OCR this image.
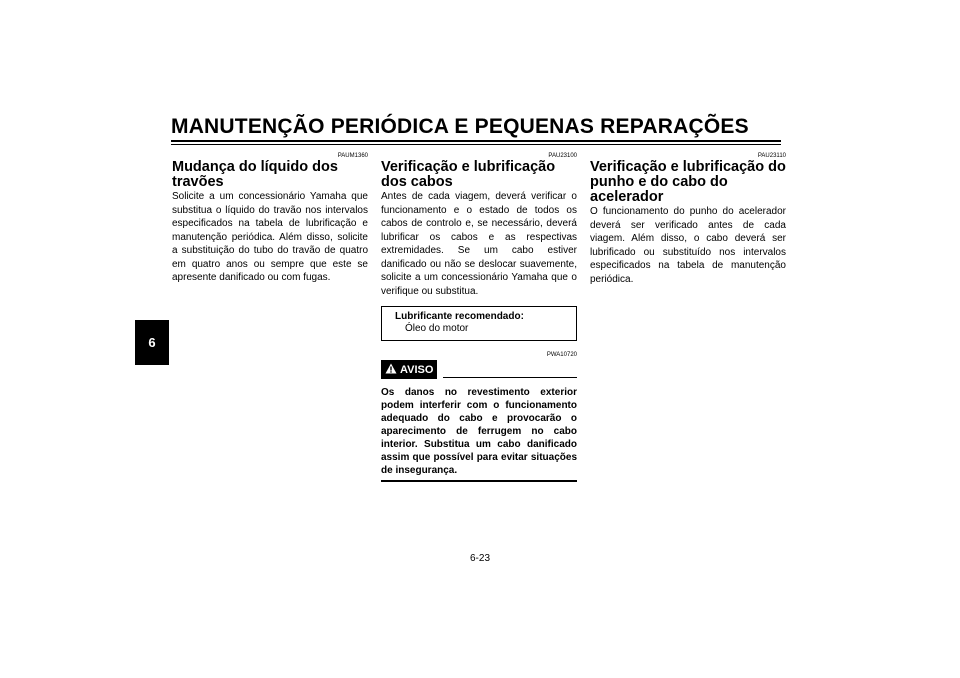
MANUTENÇÃO PERIÓDICA E PEQUENAS REPARAÇÕES
6
PAUM1360
Mudança do líquido dos travões

Solicite a um concessionário Yamaha que substitua o líquido do travão nos intervalos especificados na tabela de lubrificação e manutenção periódica. Além disso, solicite a substituição do tubo do travão de quatro em quatro anos ou sempre que este se apresente danificado ou com fugas.

PAU23100
Verificação e lubrificação dos cabos

Antes de cada viagem, deverá verificar o funcionamento e o estado de todos os cabos de controlo e, se necessário, deverá lubrificar os cabos e as respectivas extremidades. Se um cabo estiver danificado ou não se deslocar suavemente, solicite a um concessionário Yamaha que o verifique ou substitua.

Lubrificante recomendado:
Óleo do motor
PWA10720
AVISO

Os danos no revestimento exterior podem interferir com o funcionamento adequado do cabo e provocarão o aparecimento de ferrugem no cabo interior. Substitua um cabo danificado assim que possível para evitar situações de insegurança.

PAU23110
Verificação e lubrificação do punho e do cabo do acelerador

O funcionamento do punho do acelerador deverá ser verificado antes de cada viagem. Além disso, o cabo deverá ser lubrificado ou substituído nos intervalos especificados na tabela de manutenção periódica.

6-23
